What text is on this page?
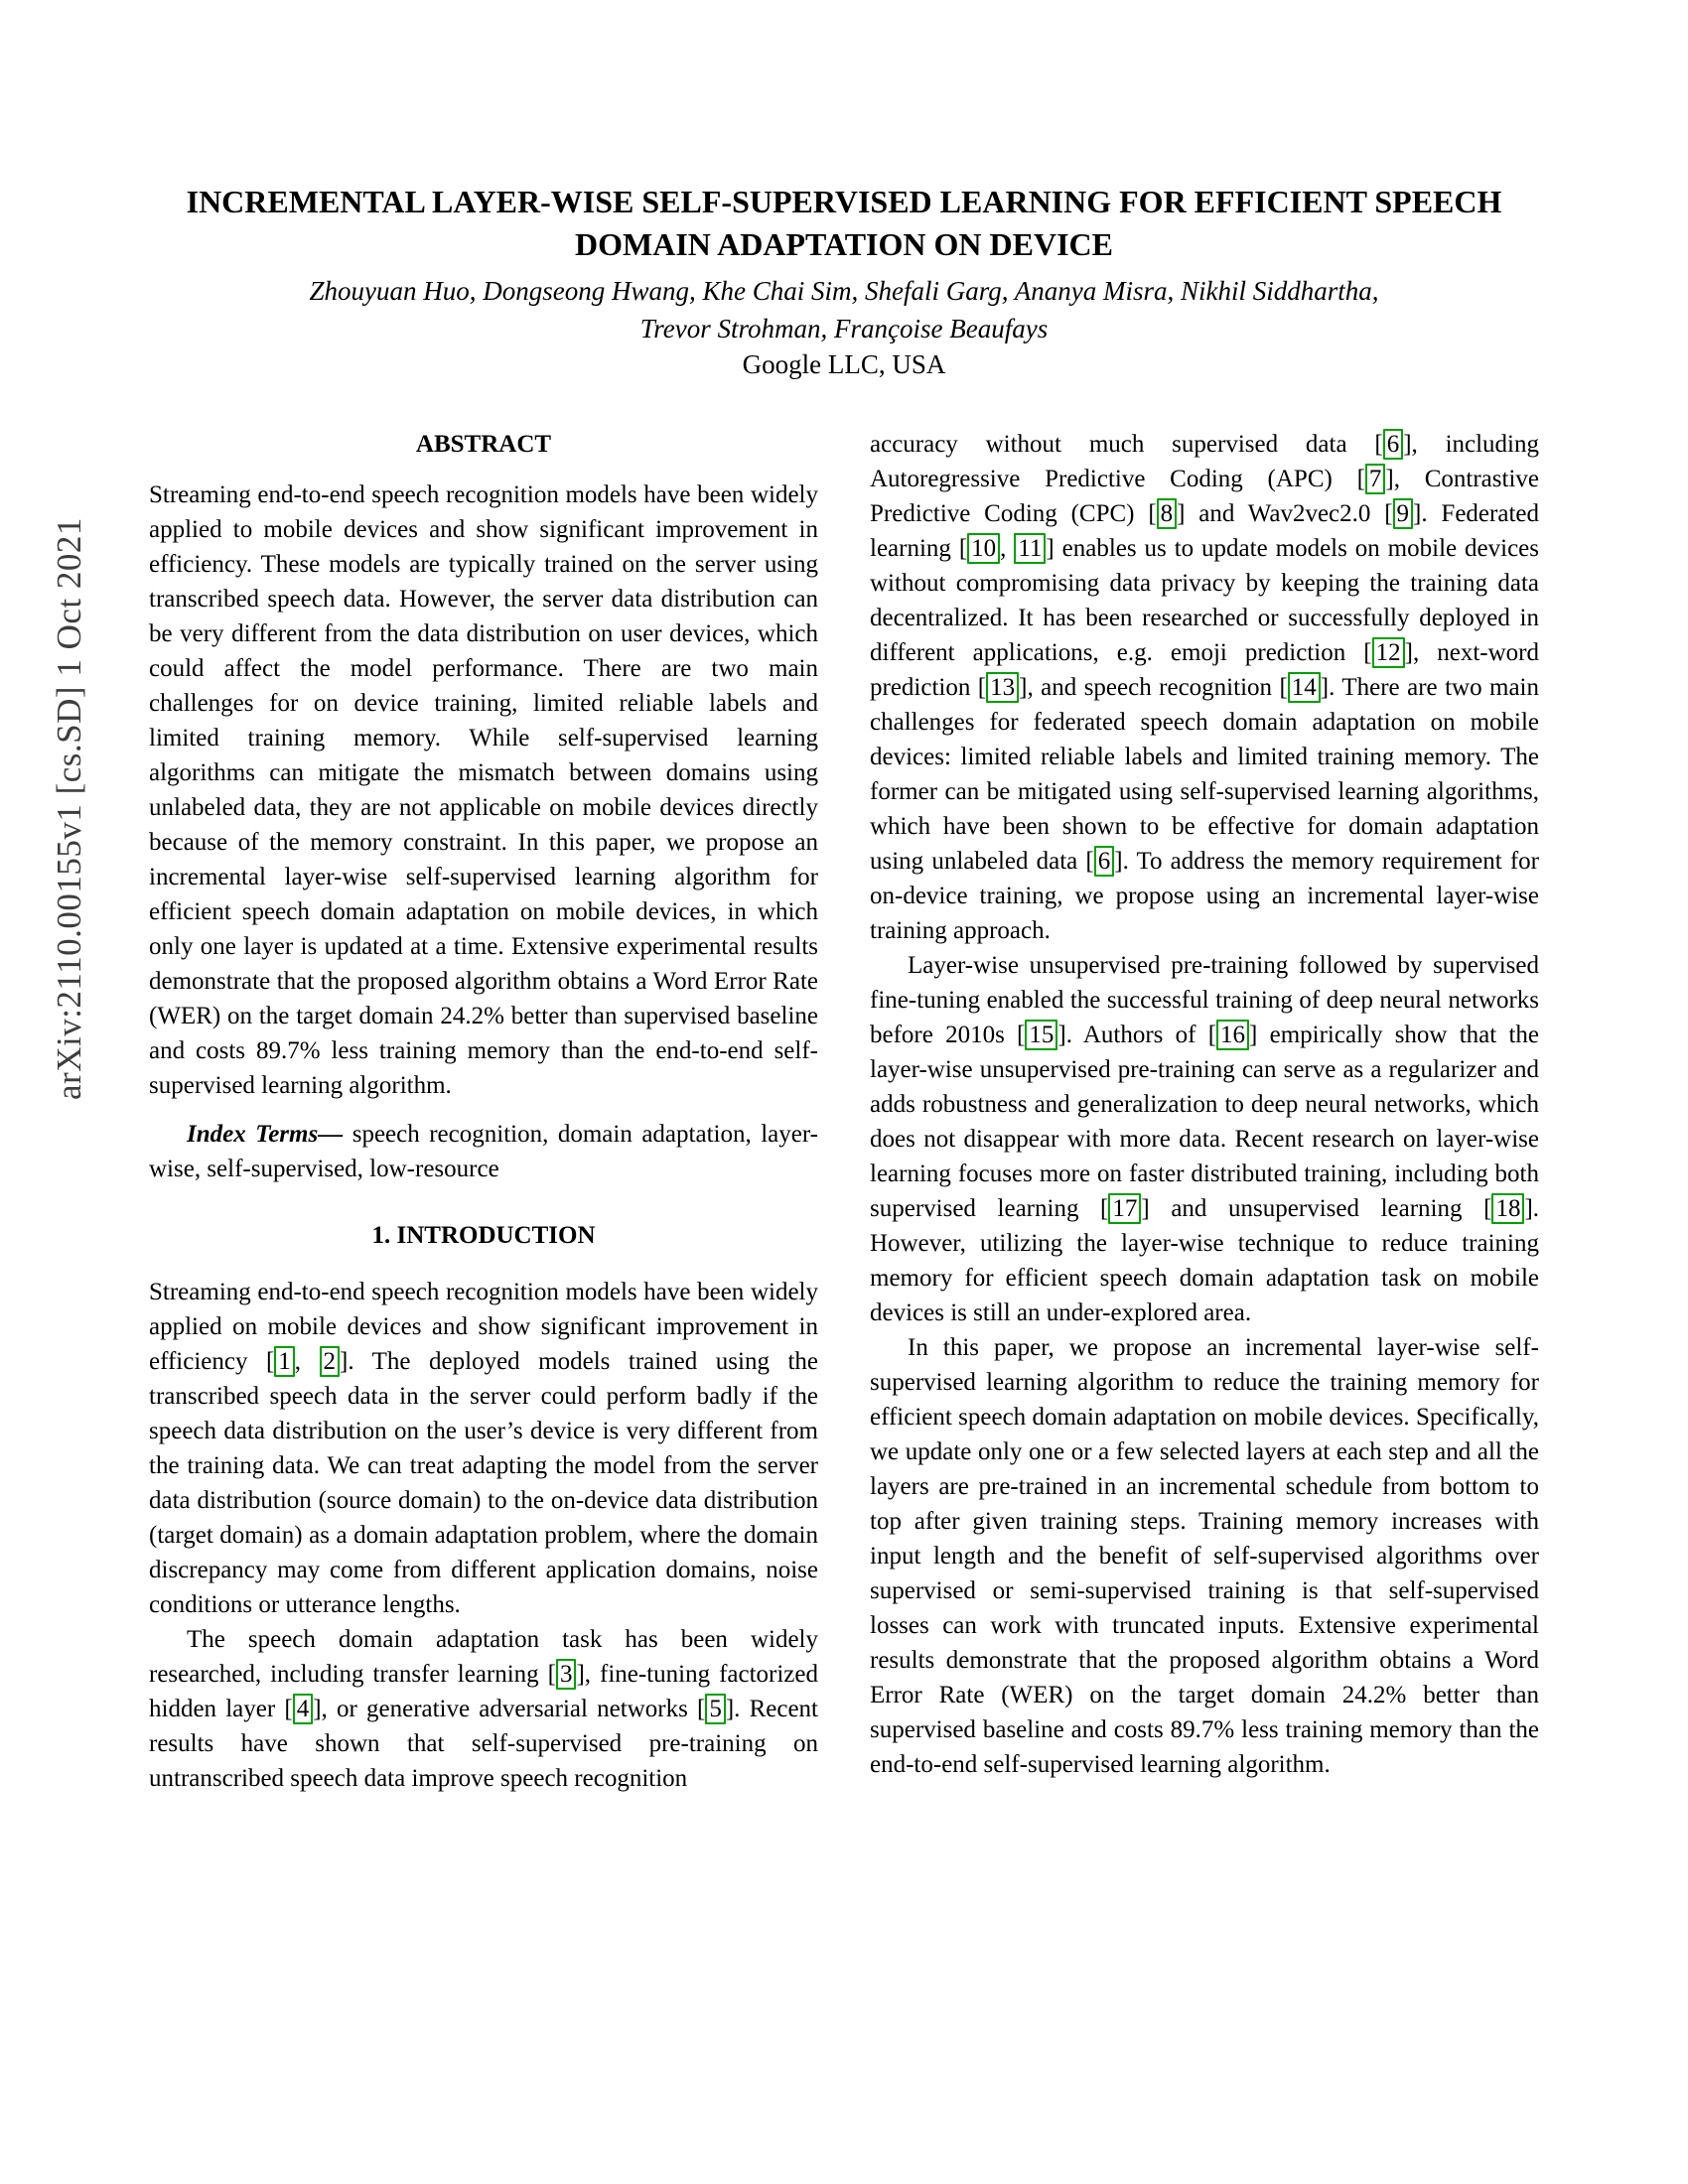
arXiv:2110.00155v1 [cs.SD] 1 Oct 2021
INCREMENTAL LAYER-WISE SELF-SUPERVISED LEARNING FOR EFFICIENT SPEECH
DOMAIN ADAPTATION ON DEVICE
Zhouyuan Huo, Dongseong Hwang, Khe Chai Sim, Shefali Garg, Ananya Misra, Nikhil Siddhartha,
Trevor Strohman, Françoise Beaufays
Google LLC, USA
ABSTRACT

Streaming end-to-end speech recognition models have been widely applied to mobile devices and show significant improvement in efficiency. These models are typically trained on the server using transcribed speech data. However, the server data distribution can be very different from the data distribution on user devices, which could affect the model performance. There are two main challenges for on device training, limited reliable labels and limited training memory. While self-supervised learning algorithms can mitigate the mismatch between domains using unlabeled data, they are not applicable on mobile devices directly because of the memory constraint. In this paper, we propose an incremental layer-wise self-supervised learning algorithm for efficient speech domain adaptation on mobile devices, in which only one layer is updated at a time. Extensive experimental results demonstrate that the proposed algorithm obtains a Word Error Rate (WER) on the target domain 24.2% better than supervised baseline and costs 89.7% less training memory than the end-to-end self-supervised learning algorithm.

Index Terms— speech recognition, domain adaptation, layer-wise, self-supervised, low-resource

1. INTRODUCTION

Streaming end-to-end speech recognition models have been widely applied on mobile devices and show significant improvement in efficiency [ 1 , 2 ]. The deployed models trained using the transcribed speech data in the server could perform badly if the speech data distribution on the user’s device is very different from the training data. We can treat adapting the model from the server data distribution (source domain) to the on-device data distribution (target domain) as a domain adaptation problem, where the domain discrepancy may come from different application domains, noise conditions or utterance lengths.

The speech domain adaptation task has been widely researched, including transfer learning [ 3 ], fine-tuning factorized hidden layer [ 4 ], or generative adversarial networks [ 5 ]. Recent results have shown that self-supervised pre-training on untranscribed speech data improve speech recognition

accuracy without much supervised data [ 6 ], including Autoregressive Predictive Coding (APC) [ 7 ], Contrastive Predictive Coding (CPC) [ 8 ] and Wav2vec2.0 [ 9 ]. Federated learning [ 10 , 11 ] enables us to update models on mobile devices without compromising data privacy by keeping the training data decentralized. It has been researched or successfully deployed in different applications, e.g. emoji prediction [ 12 ], next-word prediction [ 13 ], and speech recognition [ 14 ]. There are two main challenges for federated speech domain adaptation on mobile devices: limited reliable labels and limited training memory. The former can be mitigated using self-supervised learning algorithms, which have been shown to be effective for domain adaptation using unlabeled data [ 6 ]. To address the memory requirement for on-device training, we propose using an incremental layer-wise training approach.

Layer-wise unsupervised pre-training followed by supervised fine-tuning enabled the successful training of deep neural networks before 2010s [ 15 ]. Authors of [ 16 ] empirically show that the layer-wise unsupervised pre-training can serve as a regularizer and adds robustness and generalization to deep neural networks, which does not disappear with more data. Recent research on layer-wise learning focuses more on faster distributed training, including both supervised learning [ 17 ] and unsupervised learning [ 18 ]. However, utilizing the layer-wise technique to reduce training memory for efficient speech domain adaptation task on mobile devices is still an under-explored area.

In this paper, we propose an incremental layer-wise self-supervised learning algorithm to reduce the training memory for efficient speech domain adaptation on mobile devices. Specifically, we update only one or a few selected layers at each step and all the layers are pre-trained in an incremental schedule from bottom to top after given training steps. Training memory increases with input length and the benefit of self-supervised algorithms over supervised or semi-supervised training is that self-supervised losses can work with truncated inputs. Extensive experimental results demonstrate that the proposed algorithm obtains a Word Error Rate (WER) on the target domain 24.2% better than supervised baseline and costs 89.7% less training memory than the end-to-end self-supervised learning algorithm.
